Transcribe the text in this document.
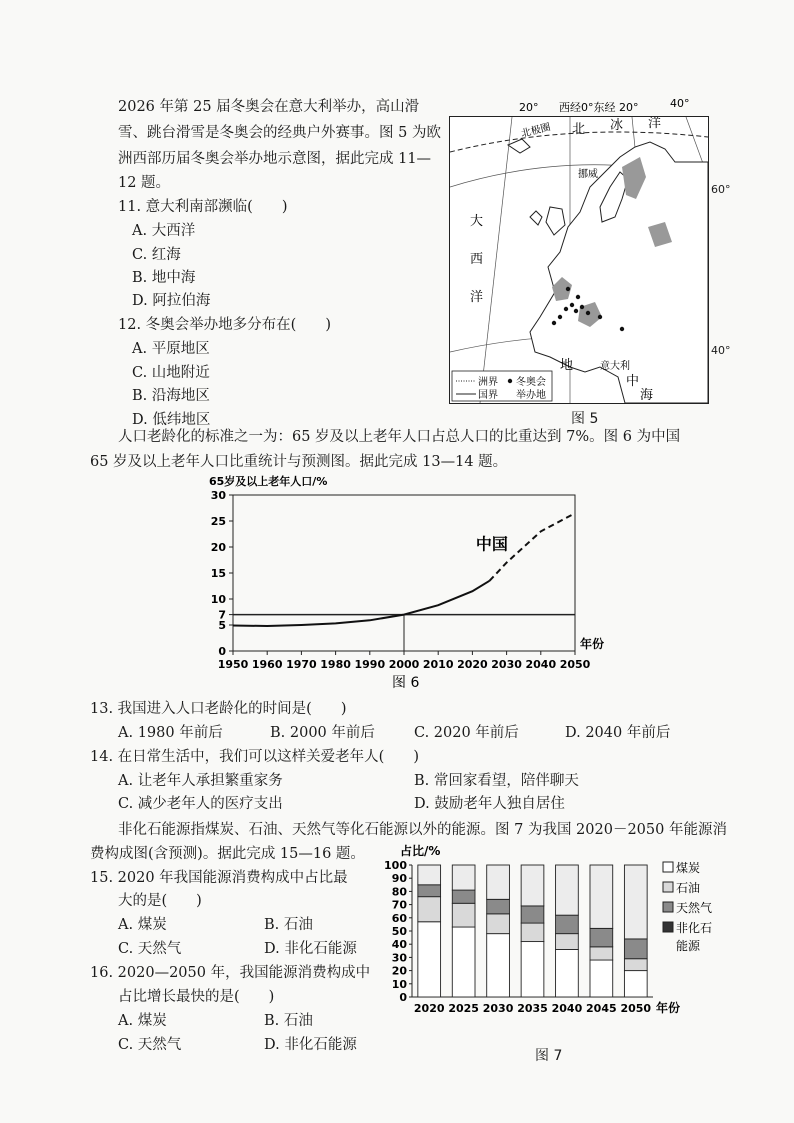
2026 年第 25 届冬奥会在意大利举办，高山滑
雪、跳台滑雪是冬奥会的经典户外赛事。图 5 为欧
洲西部历届冬奥会举办地示意图，据此完成 11—
12 题。
11. 意大利南部濒临(　　)
A. 大西洋
C. 红海
B. 地中海
D. 阿拉伯海
12. 冬奥会举办地多分布在(　　)
A. 平原地区
C. 山地附近
B. 沿海地区
D. 低纬地区
20° 西经0°东经 20°	40°
60°
40°
北极圈 北 冰 洋
挪威
大
西
洋
地
中
海
意大利
洲界
国界
冬奥会
举办地
图 5
人口老龄化的标准之一为：65 岁及以上老年人口占总人口的比重达到 7%。图 6 为中国
65 岁及以上老年人口比重统计与预测图。据此完成 13—14 题。
65岁及以上老年人口/%
0
5
7
10
15
20
25
30
1950 1960 1970 1980 1990 2000 2010 2020 2030 2040 2050
年份
中国
图 6
13. 我国进入人口老龄化的时间是(　　)
A. 1980 年前后	B. 2000 年前后	C. 2020 年前后	D. 2040 年前后
14. 在日常生活中，我们可以这样关爱老年人(　　)
A. 让老年人承担繁重家务	B. 常回家看望，陪伴聊天
C. 减少老年人的医疗支出	D. 鼓励老年人独自居住
非化石能源指煤炭、石油、天然气等化石能源以外的能源。图 7 为我国 2020－2050 年能源消
费构成图(含预测)。据此完成 15—16 题。
15. 2020 年我国能源消费构成中占比最
大的是(　　)
A. 煤炭	B. 石油
C. 天然气	D. 非化石能源
16. 2020—2050 年，我国能源消费构成中
占比增长最快的是(　　)
A. 煤炭	B. 石油
C. 天然气	D. 非化石能源
占比/%
0
10
20
30
40
50
60
70
80
90
100
2020 2025 2030 2035 2040 2045 2050 年份
煤炭
石油
天然气
非化石
能源
图 7
